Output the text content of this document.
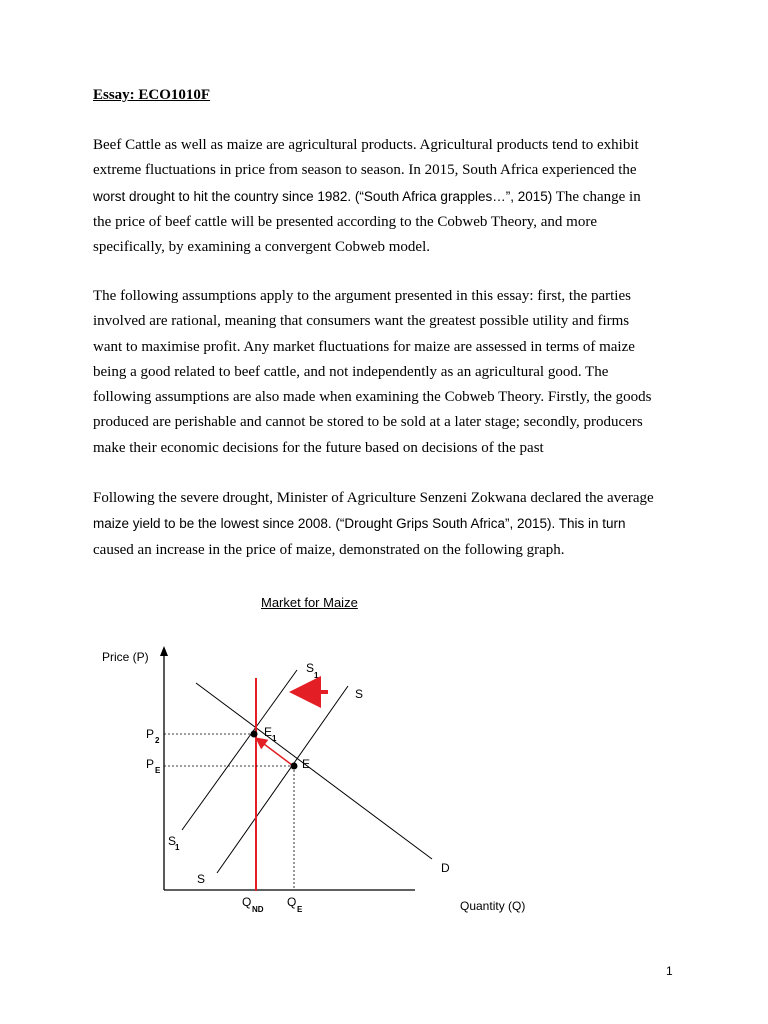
Essay: ECO1010F
Beef Cattle as well as maize are agricultural products. Agricultural products tend to exhibit
extreme fluctuations in price from season to season. In 2015, South Africa experienced the
worst drought to hit the country since 1982. (“South Africa grapples…”, 2015) The change in
the price of beef cattle will be presented according to the Cobweb Theory, and more
specifically, by examining a convergent Cobweb model.
The following assumptions apply to the argument presented in this essay: first, the parties
involved are rational, meaning that consumers want the greatest possible utility and firms
want to maximise profit. Any market fluctuations for maize are assessed in terms of maize
being a good related to beef cattle, and not independently as an agricultural good. The
following assumptions are also made when examining the Cobweb Theory. Firstly, the goods
produced are perishable and cannot be stored to be sold at a later stage; secondly, producers
make their economic decisions for the future based on decisions of the past
Following the severe drought, Minister of Agriculture Senzeni Zokwana declared the average
maize yield to be the lowest since 2008. (“Drought Grips South Africa”, 2015). This in turn
caused an increase in the price of maize, demonstrated on the following graph.
Market for Maize
Price (P)
Quantity (Q)
D
S
S
S
1
S
1
E 1
E
P 2
P E
Q
ND
Q
E
1
